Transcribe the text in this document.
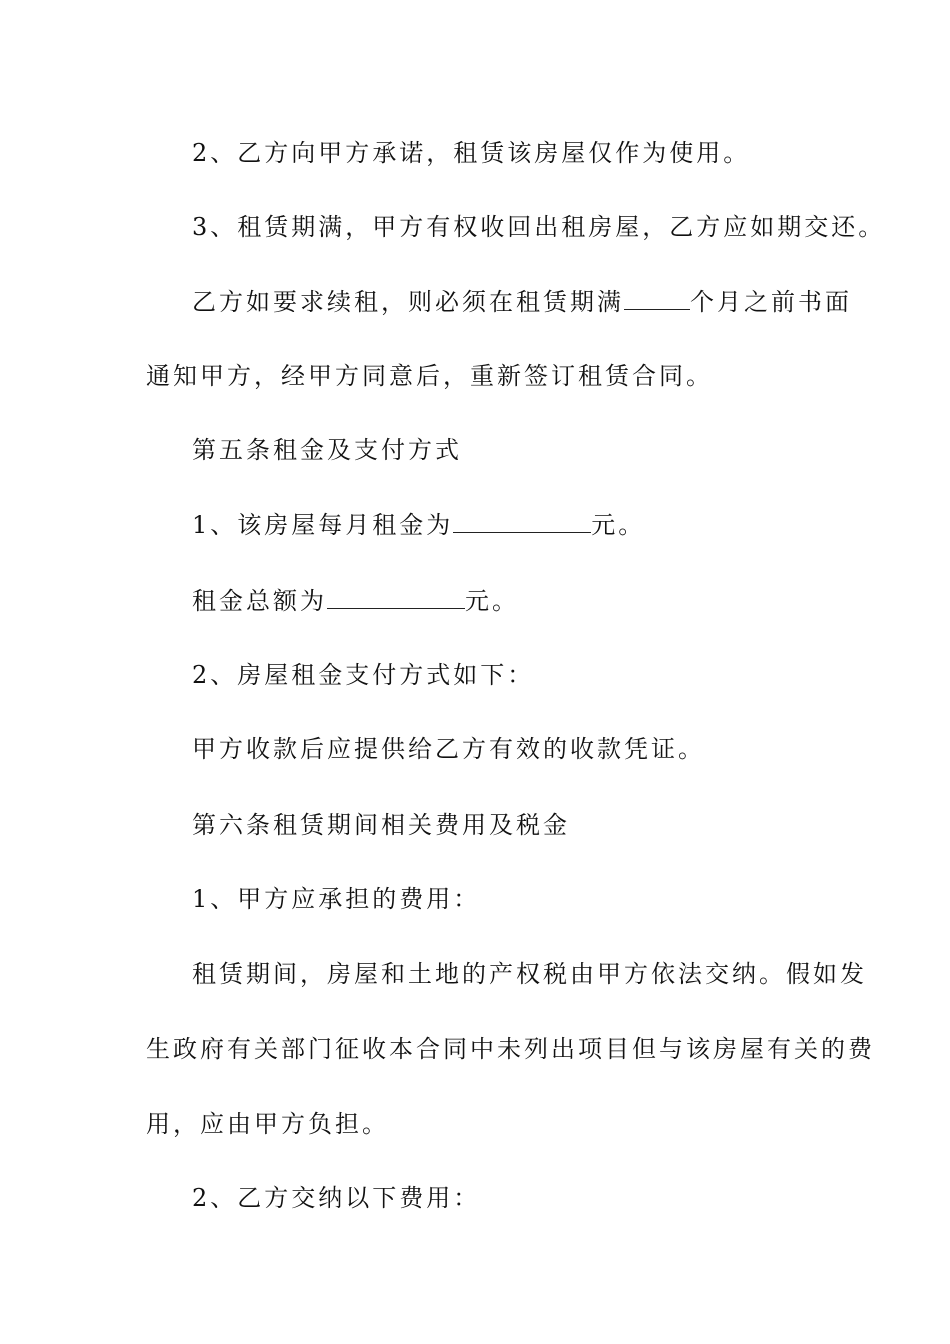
2、乙方向甲方承诺，租赁该房屋仅作为使用。
3、租赁期满，甲方有权收回出租房屋，乙方应如期交还。
乙方如要求续租，则必须在租赁期满	个月之前书面
通知甲方，经甲方同意后，重新签订租赁合同。
第五条租金及支付方式
1、该房屋每月租金为	元。
租金总额为	元。
2、房屋租金支付方式如下：
甲方收款后应提供给乙方有效的收款凭证。
第六条租赁期间相关费用及税金
1、甲方应承担的费用：
租赁期间，房屋和土地的产权税由甲方依法交纳。假如发
生政府有关部门征收本合同中未列出项目但与该房屋有关的费
用，应由甲方负担。
2、乙方交纳以下费用：
